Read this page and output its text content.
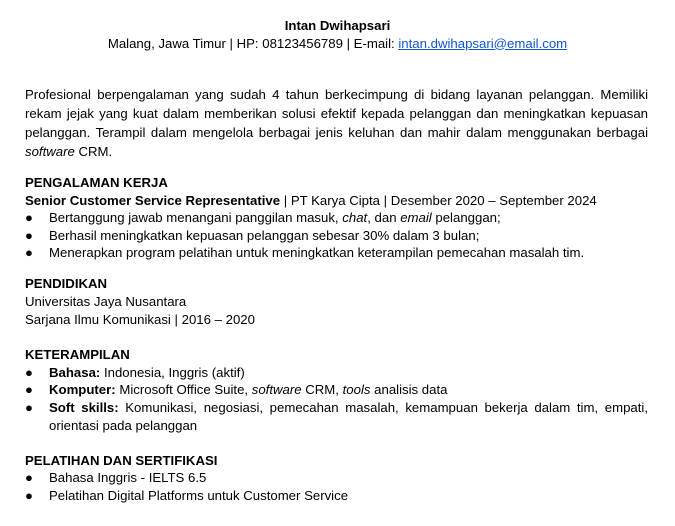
Intan Dwihapsari
Malang, Jawa Timur | HP: 08123456789 | E-mail: intan.dwihapsari@email.com

Profesional berpengalaman yang sudah 4 tahun berkecimpung di bidang layanan pelanggan. Memiliki rekam jejak yang kuat dalam memberikan solusi efektif kepada pelanggan dan meningkatkan kepuasan pelanggan. Terampil dalam mengelola berbagai jenis keluhan dan mahir dalam menggunakan berbagai software CRM.

PENGALAMAN KERJA
Senior Customer Service Representative | PT Karya Cipta | Desember 2020 – September 2024
● Bertanggung jawab menangani panggilan masuk, chat, dan email pelanggan;
● Berhasil meningkatkan kepuasan pelanggan sebesar 30% dalam 3 bulan;
● Menerapkan program pelatihan untuk meningkatkan keterampilan pemecahan masalah tim.
PENDIDIKAN
Universitas Jaya Nusantara
Sarjana Ilmu Komunikasi | 2016 – 2020
KETERAMPILAN
● Bahasa: Indonesia, Inggris (aktif)
● Komputer: Microsoft Office Suite, software CRM, tools analisis data
● Soft skills: Komunikasi, negosiasi, pemecahan masalah, kemampuan bekerja dalam tim, empati, orientasi pada pelanggan
PELATIHAN DAN SERTIFIKASI
● Bahasa Inggris - IELTS 6.5
● Pelatihan Digital Platforms untuk Customer Service
